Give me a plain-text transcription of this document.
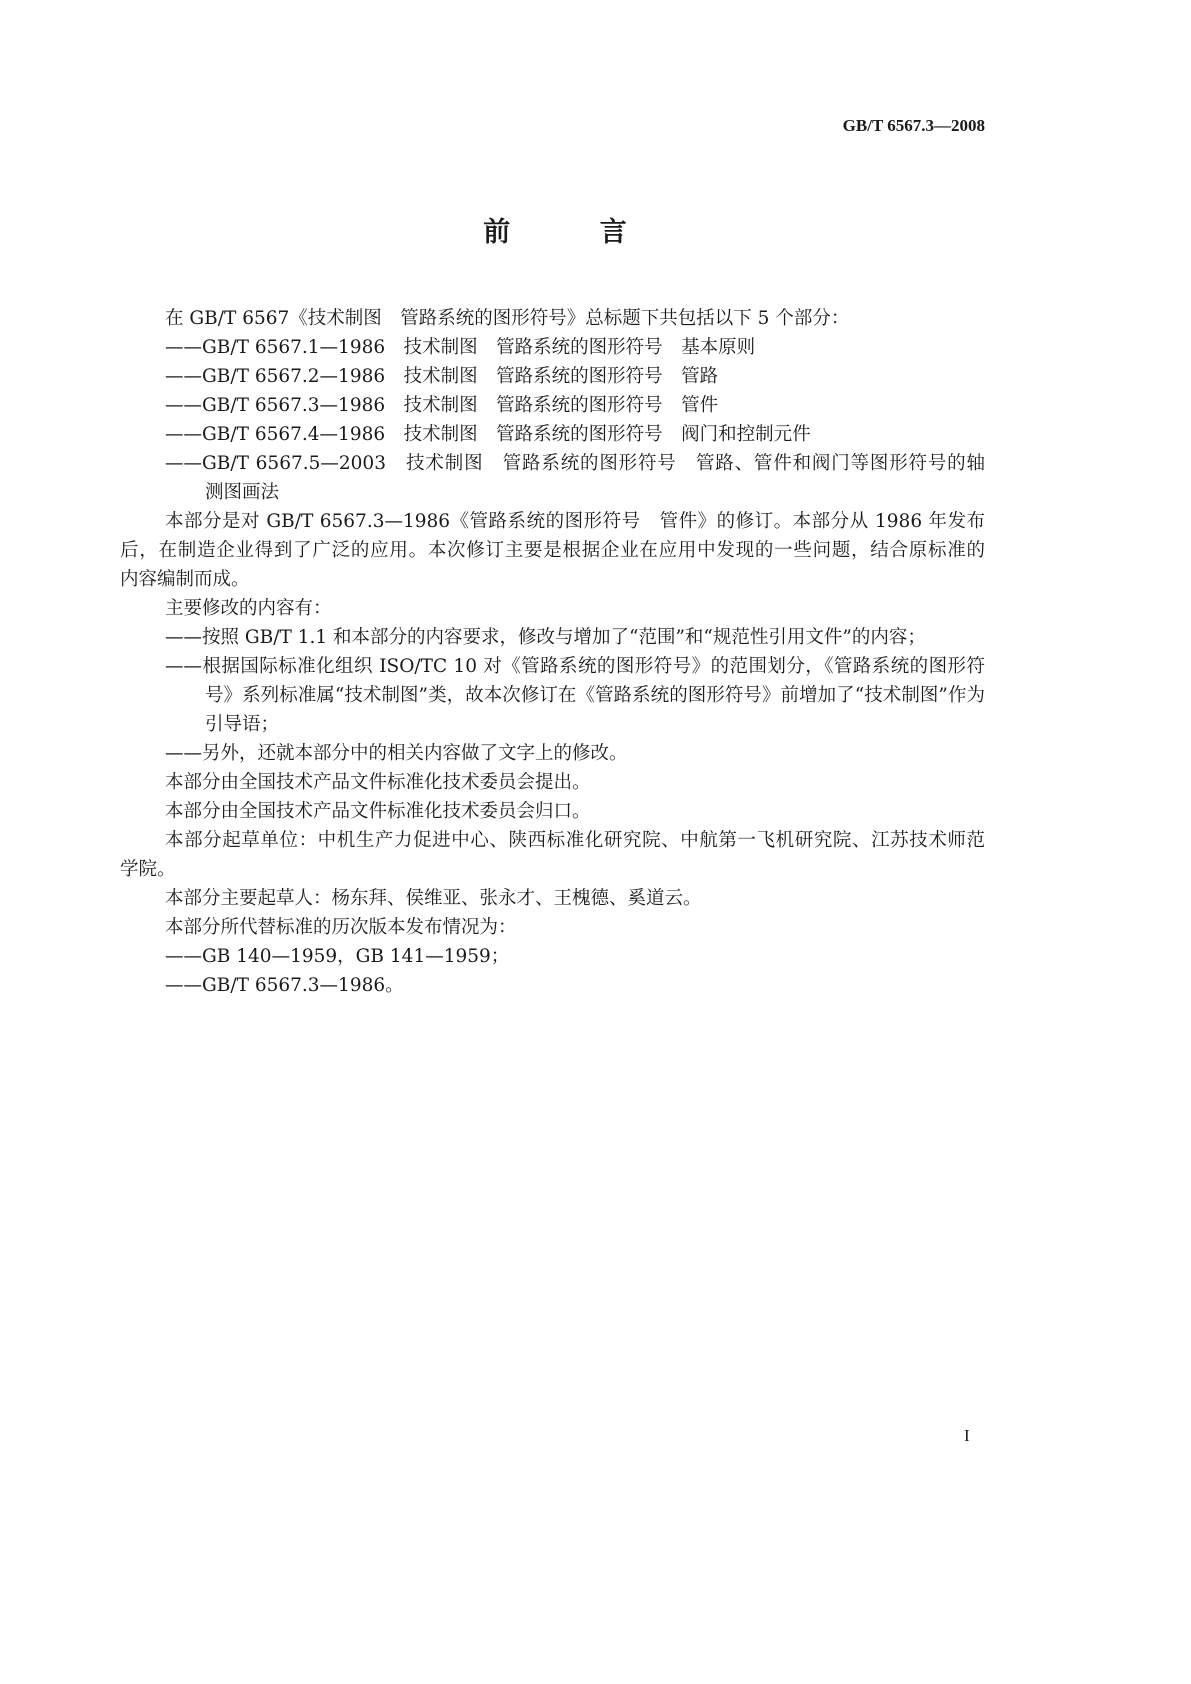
GB/T 6567.3—2008
前 言
在 GB/T 6567《技术制图　管路系统的图形符号》总标题下共包括以下 5 个部分：
——GB/T 6567.1—1986　技术制图　管路系统的图形符号　基本原则
——GB/T 6567.2—1986　技术制图　管路系统的图形符号　管路
——GB/T 6567.3—1986　技术制图　管路系统的图形符号　管件
——GB/T 6567.4—1986　技术制图　管路系统的图形符号　阀门和控制元件
——GB/T 6567.5—2003　技术制图　管路系统的图形符号　管路、管件和阀门等图形符号的轴
测图画法
本部分是对 GB/T 6567.3—1986《管路系统的图形符号　管件》的修订。本部分从 1986 年发布
后，在制造企业得到了广泛的应用。本次修订主要是根据企业在应用中发现的一些问题，结合原标准的
内容编制而成。
主要修改的内容有：
——按照 GB/T 1.1 和本部分的内容要求，修改与增加了“范围”和“规范性引用文件”的内容；
——根据国际标准化组织 ISO/TC 10 对《管路系统的图形符号》的范围划分，《管路系统的图形符
号》系列标准属“技术制图”类，故本次修订在《管路系统的图形符号》前增加了“技术制图”作为
引导语；
——另外，还就本部分中的相关内容做了文字上的修改。
本部分由全国技术产品文件标准化技术委员会提出。
本部分由全国技术产品文件标准化技术委员会归口。
本部分起草单位：中机生产力促进中心、陕西标准化研究院、中航第一飞机研究院、江苏技术师范
学院。
本部分主要起草人：杨东拜、侯维亚、张永才、王槐德、奚道云。
本部分所代替标准的历次版本发布情况为：
——GB 140—1959，GB 141—1959；
——GB/T 6567.3—1986。
I
